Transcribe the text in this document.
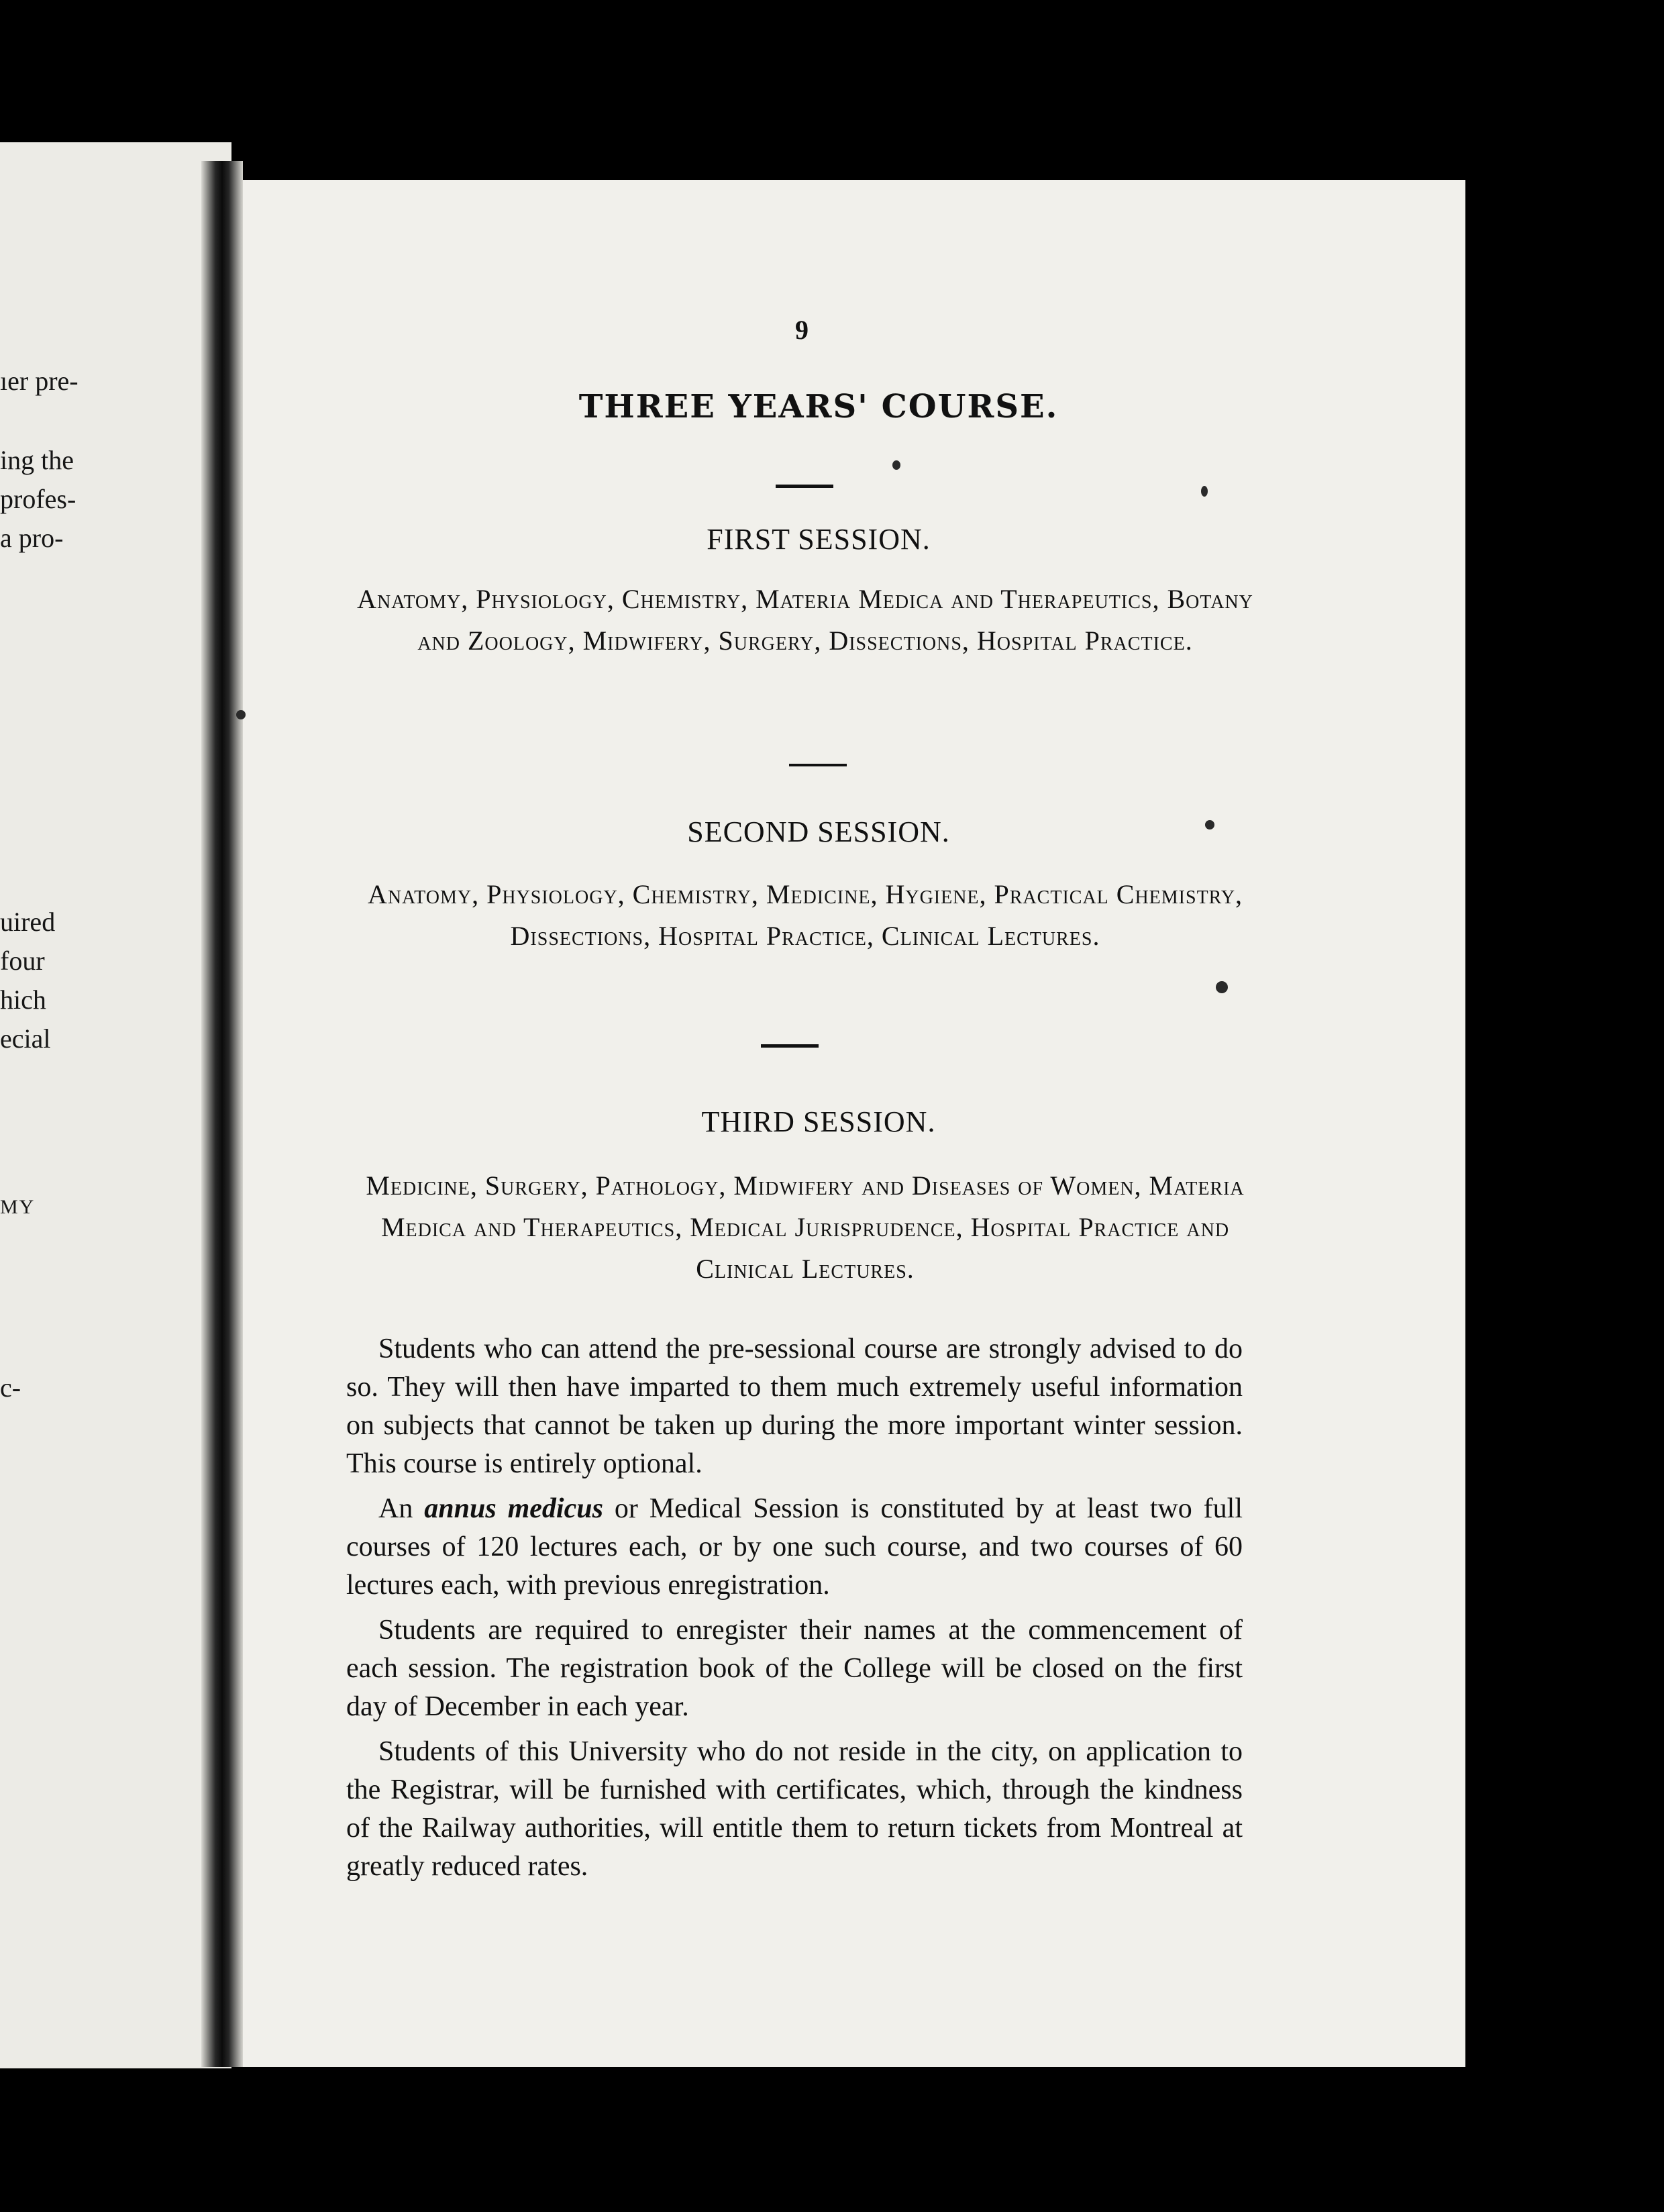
ıer pre-
ing the
profes-
a pro-
uired
four
hich
ecial
MY
c-
9
THREE YEARS' COURSE.
FIRST SESSION.

Anatomy, Physiology, Chemistry, Materia Medica and Therapeutics, Botany and Zoology, Midwifery, Surgery, Dissections, Hospital Practice.

SECOND SESSION.

Anatomy, Physiology, Chemistry, Medicine, Hygiene, Practical Chemistry, Dissections, Hospital Practice, Clinical Lectures.

THIRD SESSION.

Medicine, Surgery, Pathology, Midwifery and Diseases of Women, Materia Medica and Therapeutics, Medical Jurisprudence, Hospital Practice and Clinical Lectures.

Students who can attend the pre-sessional course are strongly advised to do so. They will then have imparted to them much extremely useful information on subjects that cannot be taken up during the more important winter session. This course is entirely optional.

An annus medicus or Medical Session is constituted by at least two full courses of 120 lectures each, or by one such course, and two courses of 60 lectures each, with previous enregistration.

Students are required to enregister their names at the commencement of each session. The registration book of the College will be closed on the first day of December in each year.

Students of this University who do not reside in the city, on application to the Registrar, will be furnished with certificates, which, through the kindness of the Railway authorities, will entitle them to return tickets from Montreal at greatly reduced rates.
